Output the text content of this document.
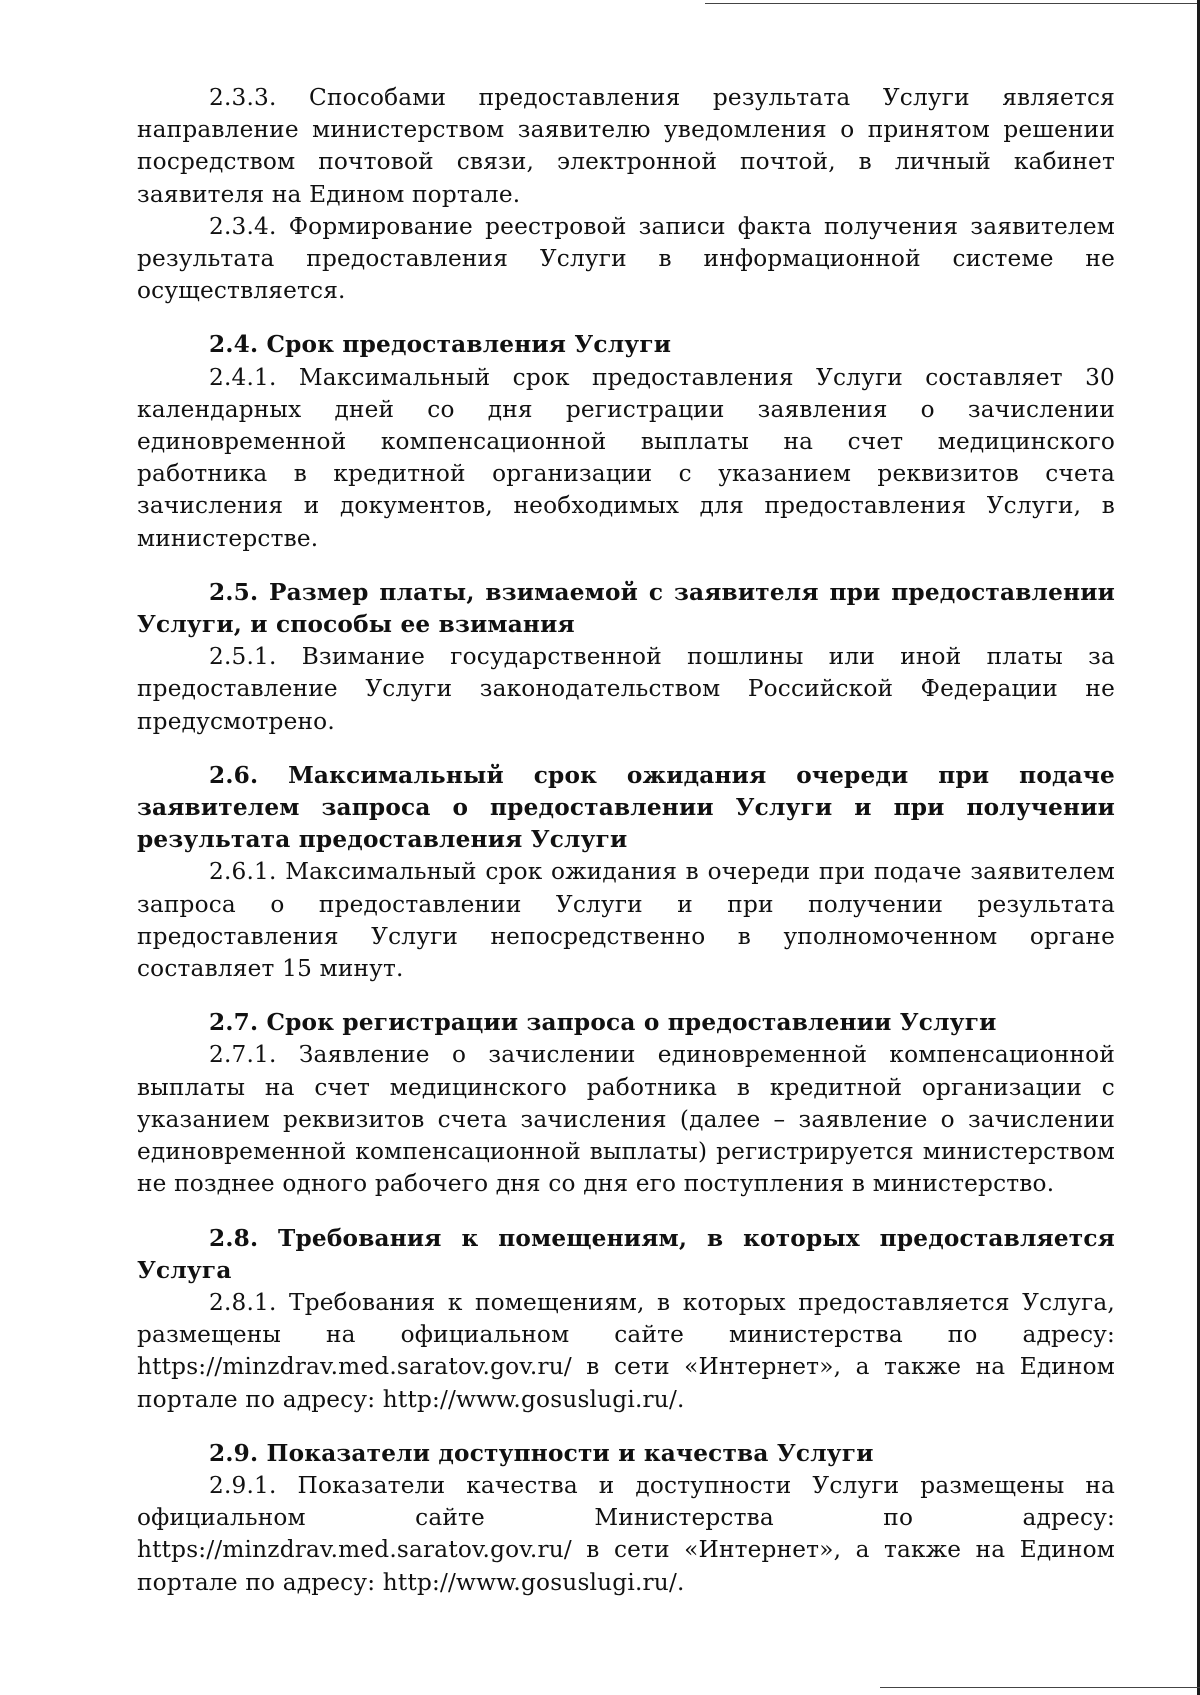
2.3.3. Способами предоставления результата Услуги является направление министерством заявителю уведомления о принятом решении посредством почтовой связи, электронной почтой, в личный кабинет заявителя на Едином портале.

2.3.4. Формирование реестровой записи факта получения заявителем результата предоставления Услуги в информационной системе не осуществляется.

2.4. Срок предоставления Услуги

2.4.1. Максимальный срок предоставления Услуги составляет 30 календарных дней со дня регистрации заявления о зачислении единовременной компенсационной выплаты на счет медицинского работника в кредитной организации с указанием реквизитов счета зачисления и документов, необходимых для предоставления Услуги, в министерстве.

2.5. Размер платы, взимаемой с заявителя при предоставлении Услуги, и способы ее взимания

2.5.1. Взимание государственной пошлины или иной платы за предоставление Услуги законодательством Российской Федерации не предусмотрено.

2.6. Максимальный срок ожидания очереди при подаче заявителем запроса о предоставлении Услуги и при получении результата предоставления Услуги

2.6.1. Максимальный срок ожидания в очереди при подаче заявителем запроса о предоставлении Услуги и при получении результата предоставления Услуги непосредственно в уполномоченном органе составляет 15 минут.

2.7. Срок регистрации запроса о предоставлении Услуги

2.7.1. Заявление о зачислении единовременной компенсационной выплаты на счет медицинского работника в кредитной организации с указанием реквизитов счета зачисления (далее – заявление о зачислении единовременной компенсационной выплаты) регистрируется министерством не позднее одного рабочего дня со дня его поступления в министерство.

2.8. Требования к помещениям, в которых предоставляется Услуга

2.8.1. Требования к помещениям, в которых предоставляется Услуга, размещены на официальном сайте министерства по адресу: https://minzdrav.med.saratov.gov.ru/ в сети «Интернет», а также на Едином портале по адресу: http://www.gosuslugi.ru/.

2.9. Показатели доступности и качества Услуги

2.9.1. Показатели качества и доступности Услуги размещены на официальном сайте Министерства по адресу: https://minzdrav.med.saratov.gov.ru/ в сети «Интернет», а также на Едином портале по адресу: http://www.gosuslugi.ru/.
